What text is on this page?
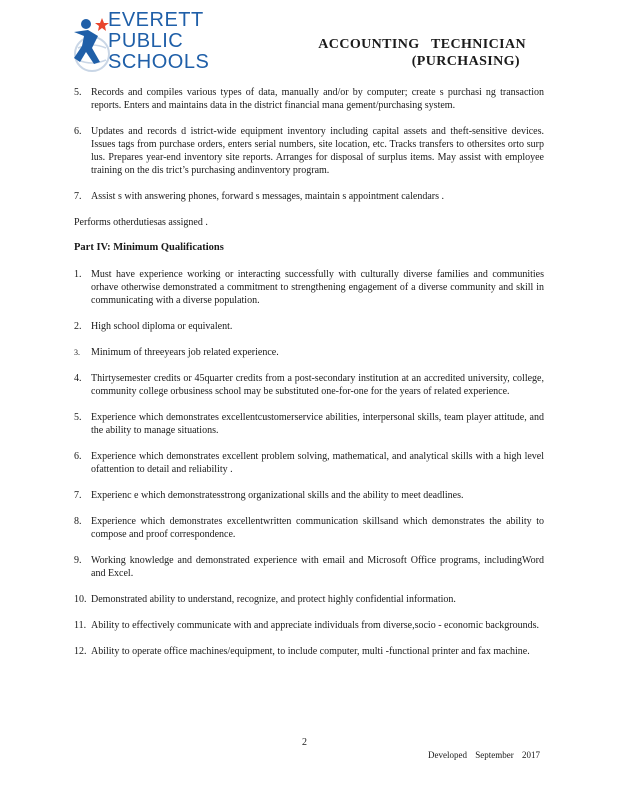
EVERETT
PUBLIC
SCHOOLS
ACCOUNTING   TECHNICIAN
(PURCHASING)
5. Records and compiles various types of data, manually and/or by computer; create s purchasi ng transaction reports. Enters and maintains data in the district financial mana gement/purchasing system.
6. Updates and records d istrict-wide equipment inventory including capital assets and theft-sensitive devices. Issues tags from purchase orders, enters serial numbers, site location, etc. Tracks transfers to othersites orto surp lus. Prepares year-end inventory site reports. Arranges for disposal of surplus items. May assist with employee training on the dis trict’s purchasing andinventory program.
7. Assist s with answering phones, forward s messages, maintain s appointment calendars .
Performs otherdutiesas assigned .
Part IV: Minimum Qualifications
1. Must have experience working or interacting successfully with culturally diverse families and communities orhave otherwise demonstrated a commitment to strengthening engagement of a diverse community and skill in communicating with a diverse population.
2. High school diploma or equivalent.
3. Minimum of threeyears job related experience.
4. Thirtysemester credits or 45quarter credits from a post-secondary institution at an accredited university, college, community college orbusiness school may be substituted one-for-one for the years of related experience.
5. Experience which demonstrates excellentcustomerservice abilities, interpersonal skills, team player attitude, and the ability to manage situations.
6. Experience which demonstrates excellent problem solving, mathematical, and analytical skills with a high level ofattention to detail and reliability .
7. Experienc e which demonstratesstrong organizational skills and the ability to meet deadlines.
8. Experience which demonstrates excellentwritten communication skillsand which demonstrates the ability to compose and proof correspondence.
9. Working knowledge and demonstrated experience with email and Microsoft Office programs, includingWord and Excel.
10. Demonstrated ability to understand, recognize, and protect highly confidential information.
11. Ability to effectively communicate with and appreciate individuals from diverse,socio - economic backgrounds.
12. Ability to operate office machines/equipment, to include computer, multi -functional printer and fax machine.
2
Developed September 2017
